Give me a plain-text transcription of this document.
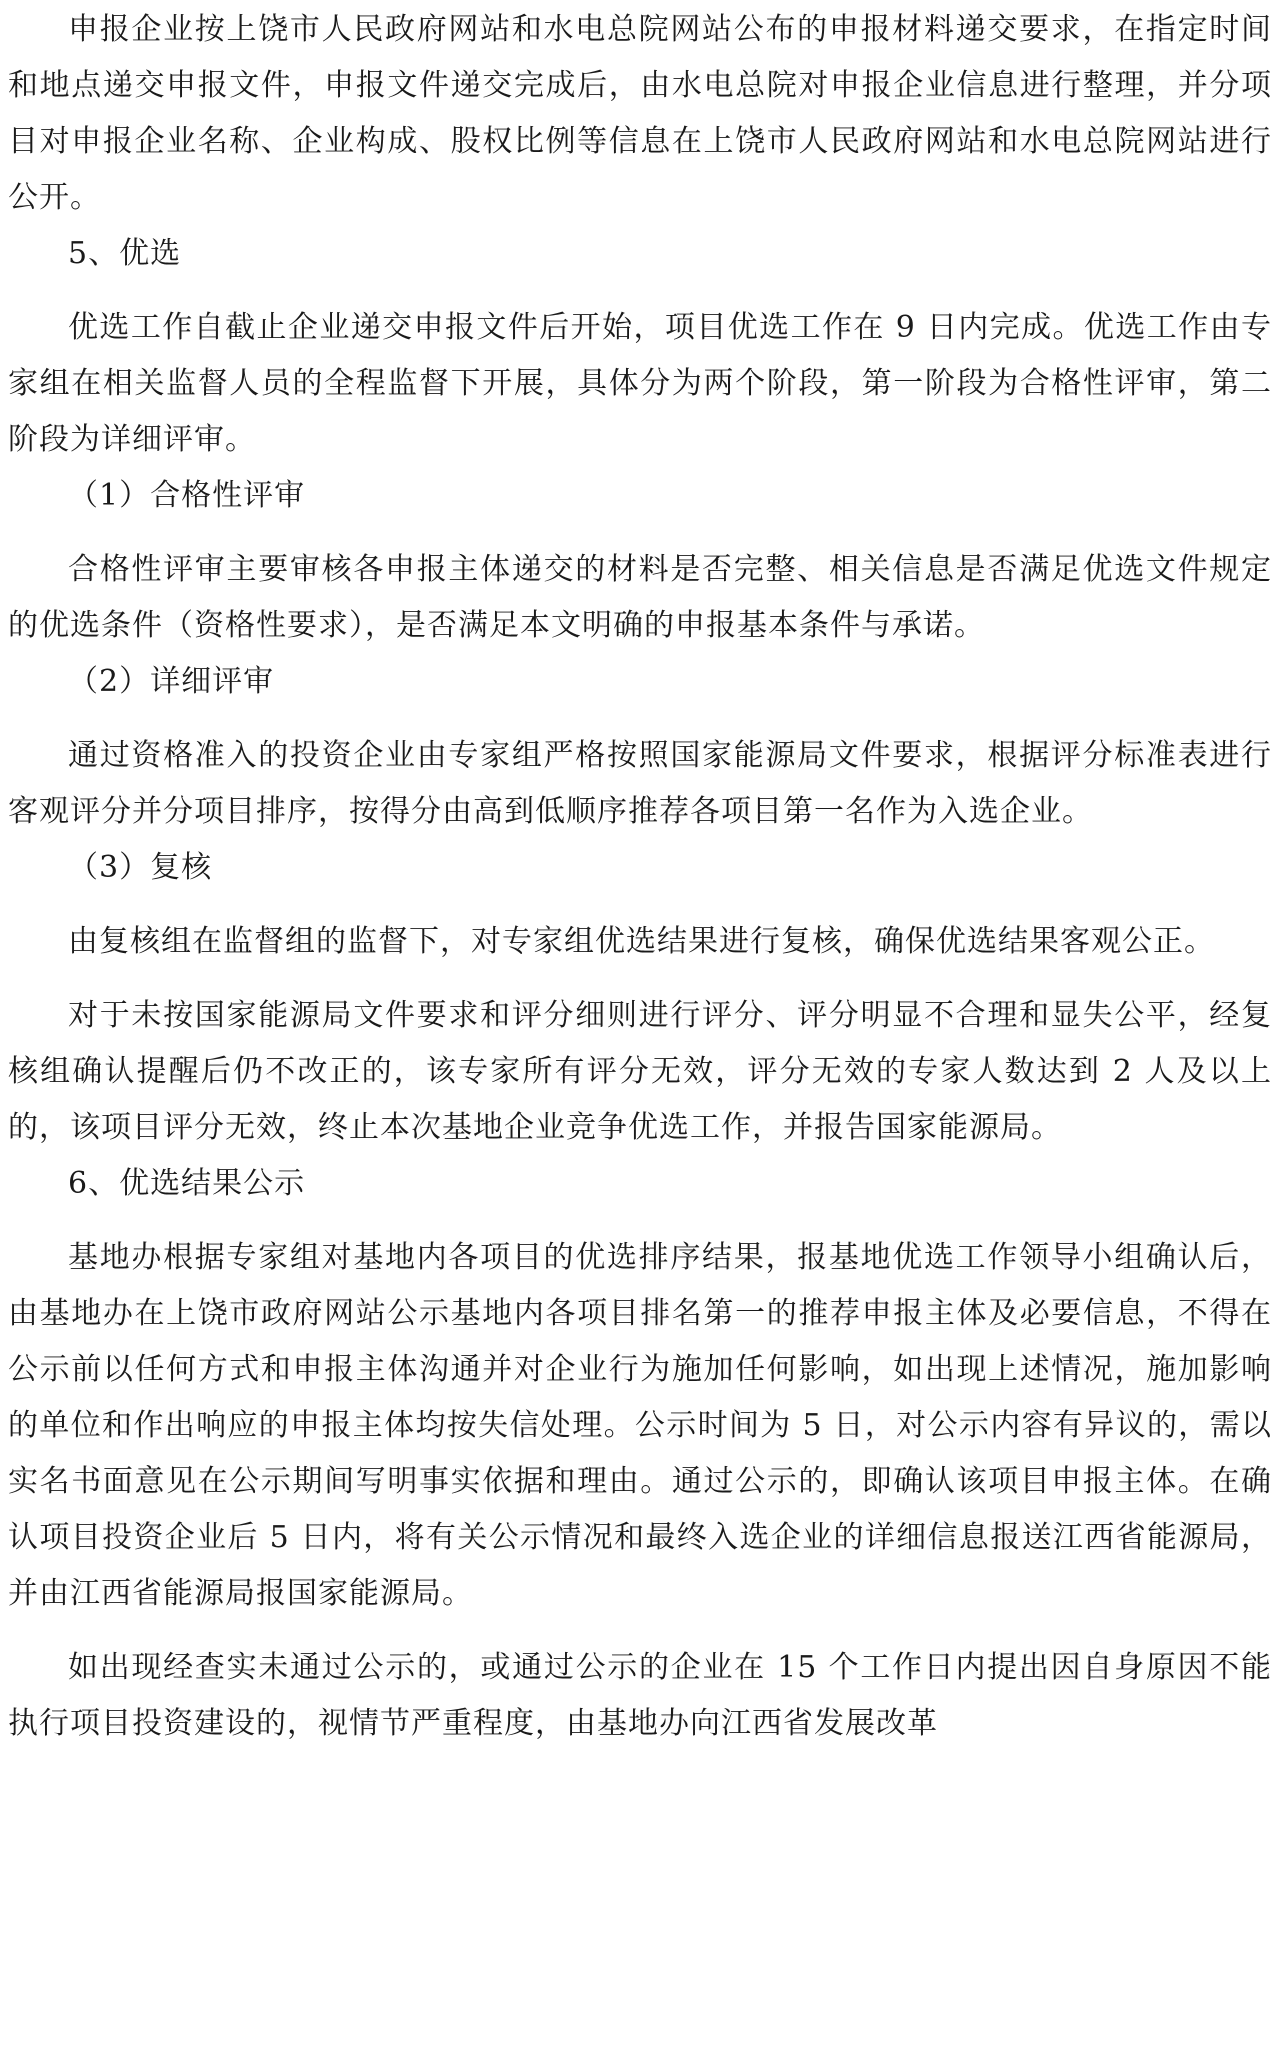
申报企业按上饶市人民政府网站和水电总院网站公布的申报材料递交要求，在指定时间和地点递交申报文件，申报文件递交完成后，由水电总院对申报企业信息进行整理，并分项目对申报企业名称、企业构成、股权比例等信息在上饶市人民政府网站和水电总院网站进行公开。

5、优选

优选工作自截止企业递交申报文件后开始，项目优选工作在 9 日内完成。优选工作由专家组在相关监督人员的全程监督下开展，具体分为两个阶段，第一阶段为合格性评审，第二阶段为详细评审。

（1）合格性评审

合格性评审主要审核各申报主体递交的材料是否完整、相关信息是否满足优选文件规定的优选条件（资格性要求），是否满足本文明确的申报基本条件与承诺。

（2）详细评审

通过资格准入的投资企业由专家组严格按照国家能源局文件要求，根据评分标准表进行客观评分并分项目排序，按得分由高到低顺序推荐各项目第一名作为入选企业。

（3）复核

由复核组在监督组的监督下，对专家组优选结果进行复核，确保优选结果客观公正。

对于未按国家能源局文件要求和评分细则进行评分、评分明显不合理和显失公平，经复核组确认提醒后仍不改正的，该专家所有评分无效，评分无效的专家人数达到 2 人及以上的，该项目评分无效，终止本次基地企业竞争优选工作，并报告国家能源局。

6、优选结果公示

基地办根据专家组对基地内各项目的优选排序结果，报基地优选工作领导小组确认后，由基地办在上饶市政府网站公示基地内各项目排名第一的推荐申报主体及必要信息，不得在公示前以任何方式和申报主体沟通并对企业行为施加任何影响，如出现上述情况，施加影响的单位和作出响应的申报主体均按失信处理。公示时间为 5 日，对公示内容有异议的，需以实名书面意见在公示期间写明事实依据和理由。通过公示的，即确认该项目申报主体。在确认项目投资企业后 5 日内，将有关公示情况和最终入选企业的详细信息报送江西省能源局，并由江西省能源局报国家能源局。

如出现经查实未通过公示的，或通过公示的企业在 15 个工作日内提出因自身原因不能执行项目投资建设的，视情节严重程度，由基地办向江西省发展改革
